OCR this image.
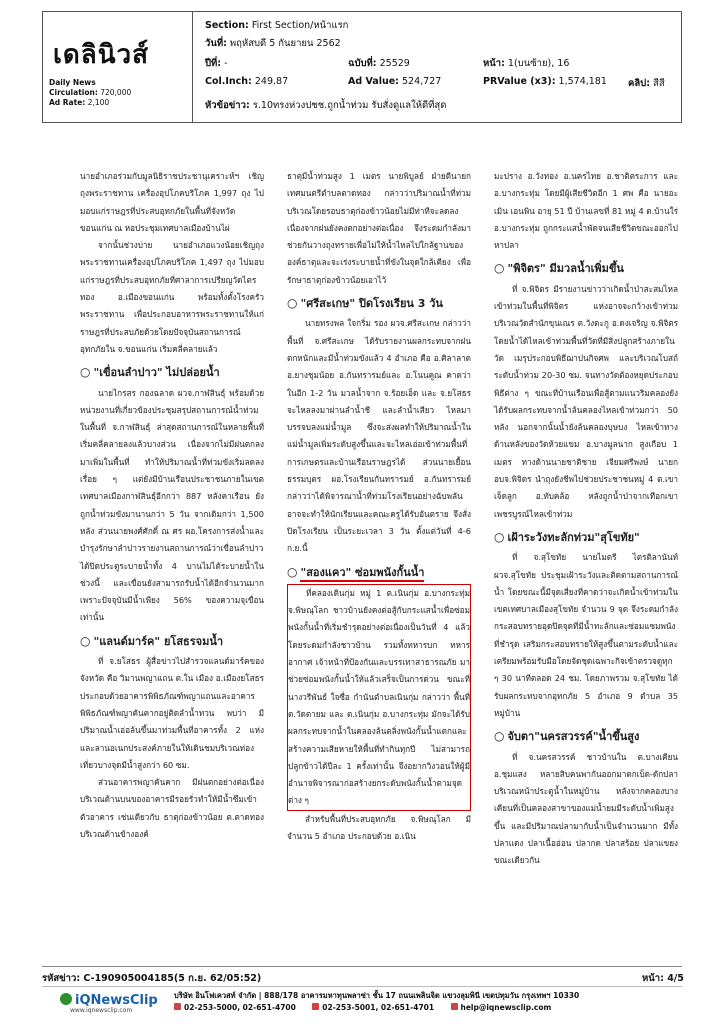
เดลินิวส์
Daily News
Circulation: 720,000
Ad Rate: 2,100
Section: First Section/หน้าแรก
วันที่: พฤหัสบดี 5 กันยายน 2562
ปีที่: -	ฉบับที่: 25529	หน้า: 1(บนซ้าย), 16
Col.Inch: 249.87	Ad Value: 524,727	PRValue (x3): 1,574,181 คลิป: สีสี
หัวข้อข่าว: ร.10ทรงห่วงปชช.ถูกน้ำท่วม รับสั่งดูแลให้ดีที่สุด

นายอำเภอร่วมกับมูลนิธิราชประชานุเคราะห์ฯ เชิญถุงพระราชทาน เครื่องอุปโภคบริโภค 1,997 ถุง ไปมอบแก่ราษฎรที่ประสบอุทกภัยในพื้นที่จังหวัดขอนแก่น ณ หอประชุมเทศบาลเมืองบ้านไผ่

จากนั้นช่วงบ่าย นายอำเภอแวงน้อยเชิญถุงพระราชทานเครื่องอุปโภคบริโภค 1,497 ถุง ไปมอบแก่ราษฎรที่ประสบอุทกภัยที่ศาลาการเปรียญวัดไตรทอง อ.เมืองขอนแก่น พร้อมทั้งตั้งโรงครัวพระราชทาน เพื่อประกอบอาหารพระราชทานให้แก่ราษฎรที่ประสบภัยด้วยโดยปัจจุบันสถานการณ์อุทกภัยใน จ.ขอนแก่น เริ่มคลี่คลายแล้ว

○ "เขื่อนลำปาว" ไม่ปล่อยน้ำ

นายไกรสร กองฉลาด ผวจ.กาฬสินธุ์ พร้อมด้วยหน่วยงานที่เกี่ยวข้องประชุมสรุปสถานการณ์น้ำท่วมในพื้นที่ จ.กาฬสินธุ์ ล่าสุดสถานการณ์ในหลายพื้นที่เริ่มคลี่คลายลงแล้วบางส่วน เนื่องจากไม่มีฝนตกลงมาเพิ่มในพื้นที่ ทำให้ปริมาณน้ำที่ท่วมขังเริ่มลดลงเรื่อย ๆ แต่ยังมีบ้านเรือนประชาชนภายในเขตเทศบาลเมืองกาฬสินธุ์อีกกว่า 887 หลังคาเรือน ยังถูกน้ำท่วมขังมานานกว่า 5 วัน จากเดิมกว่า 1,500 หลัง ส่วนนายพงศ์ศักดิ์ ณ ศร ผอ.โครงการส่งน้ำและบำรุงรักษาลำปาวรายงานสถานการณ์ว่าเขื่อนลำปาวได้ปิดประตูระบายน้ำทั้ง 4 บานไม่ได้ระบายน้ำในช่วงนี้ และเขื่อนยังสามารถรับน้ำได้อีกจำนวนมากเพราะปัจจุบันมีน้ำเพียง 56% ของความจุเขื่อนเท่านั้น

○ "แลนด์มาร์ค" ยโสธรจมน้ำ

ที่ จ.ยโสธร ผู้สื่อข่าวไปสำรวจแลนด์มาร์คของจังหวัด คือ วิมานพญาแถน ต.ใน เมือง อ.เมืองยโสธร ประกอบด้วยอาคารพิพิธภัณฑ์พญาแถนและอาคารพิพิธภัณฑ์พญาคันคากอยู่ติดลำน้ำทวน พบว่า มีปริมาณน้ำเอ่อล้นขึ้นมาท่วมพื้นที่อาคารทั้ง 2 แห่งและลานอเนกประสงค์ภายในให้เดินชมบริเวณท่องเที่ยวบางจุดมีน้ำสูงกว่า 60 ซม.

ส่วนอาคารพญาคันคาก มีฝนตกอย่างต่อเนื่องบริเวณด้านบนของอาคารมีรอยรั่วทำให้มีน้ำซึมเข้าตัวอาคาร เช่นเดียวกับ ธาตุก่องข้าวน้อย ต.ตาดทอง บริเวณด้านข้างองค์

ธาตุมีน้ำท่วมสูง 1 เมตร นายพิบูลย์ ฝ่ายดีนายกเทศมนตรีตำบลตาดทอง กล่าวว่าปริมาณน้ำที่ท่วมบริเวณโดยรอบธาตุก่องข้าวน้อยไม่มีท่าทีจะลดลง เนื่องจากฝนยังคงตกอย่างต่อเนื่อง จึงระดมกำลังมาช่วยกันวางถุงทรายเพื่อไม่ให้น้ำไหลไปใกล้ฐานขององค์ธาตุและจะเร่งระบายน้ำที่ขังในจุดใกล้เคียง เพื่อรักษาธาตุก่องข้าวน้อยเอาไว้

○ "ศรีสะเกษ" ปิดโรงเรียน 3 วัน

นายทรงพล ใจกริ่ม รอง ผวจ.ศรีสะเกษ กล่าวว่าพื้นที่ จ.ศรีสะเกษ ได้รับรายงานผลกระทบจากฝนตกหนักและมีน้ำท่วมขังแล้ว 4 อำเภอ คือ อ.ศิลาลาด อ.ยางชุมน้อย อ.กันทรารมย์และ อ.โนนคูณ คาดว่าในอีก 1-2 วัน มวลน้ำจาก จ.ร้อยเอ็ด และ จ.ยโสธร จะไหลลงมาผ่านลำน้ำชี และลำน้ำเสียว ไหลมาบรรจบลงแม่น้ำมูล ซึ่งจะส่งผลทำให้ปริมาณน้ำในแม่น้ำมูลเพิ่มระดับสูงขึ้นและจะไหลเอ่อเข้าท่วมพื้นที่การเกษตรและบ้านเรือนราษฎรได้ ส่วนนายเยื้อน ธรรมบุตร ผอ.โรงเรียนกันทรารมย์ อ.กันทรารมย์ กล่าวว่าได้พิจารณาน้ำที่ท่วมโรงเรียนอย่างฉับพลัน อาจจะทำให้นักเรียนและคณะครูได้รับอันตราย จึงสั่งปิดโรงเรียน เป็นระยะเวลา 3 วัน ตั้งแต่วันที่ 4-6 ก.ย.นี้

○ "สองแคว" ซ่อมพนังกั้นน้ำ

ที่คลองเดินกุ่ม หมู่ 1 ต.เนินกุ่ม อ.บางกระทุ่ม จ.พิษณุโลก ชาวบ้านยังคงต่อสู้กับกระแสน้ำเพื่อซ่อมพนังกั้นน้ำที่เริ่มชำรุดอย่างต่อเนื่องเป็นวันที่ 4 แล้ว โดยระดมกำลังชาวบ้าน รวมทั้งทหารบก ทหารอากาศ เจ้าหน้าที่ป้องกันและบรรเทาสาธารณภัย มาช่วยซ่อมพนังกั้นน้ำให้แล้วเสร็จเป็นการด่วน ขณะที่ นางวรีพันธ์ ใจซื่อ กำนันตำบลเนินกุ่ม กล่าวว่า พื้นที่ ต.วัดตายม และ ต.เนินกุ่ม อ.บางกระทุ่ม มักจะได้รับผลกระทบจากน้ำในคลองล้นตลิ่งพนังกั้นน้ำแตกและสร้างความเสียหายให้พื้นที่ทำกินทุกปี ไม่สามารถปลูกข้าวได้ปีละ 1 ครั้งเท่านั้น จึงอยากวิงวอนให้ผู้มีอำนาจพิจารณาก่อสร้างยกระดับพนังกั้นน้ำตามจุดต่าง ๆ

สำหรับพื้นที่ประสบอุทกภัย จ.พิษณุโลก มีจำนวน 5 อำเภอ ประกอบด้วย อ.เนิน

มะปราง อ.วังทอง อ.นครไทย อ.ชาติตระการ และ อ.บางกระทุ่ม โดยมีผู้เสียชีวิตอีก 1 ศพ คือ นายอะเมิน เอนพิน อายุ 51 ปี บ้านเลขที่ 81 หมู่ 4 ต.บ้านใร่ อ.บางกระทุ่ม ถูกกระแสน้ำพัดจนเสียชีวิตขณะออกไปหาปลา

○ "พิจิตร" มีมวลน้ำเพิ่มขึ้น

ที่ จ.พิจิตร มีรายงานข่าวว่าเกิดน้ำป่าสะสมไหลเข้าท่วมในพื้นที่พิจิตร แห่งอาจจะกว้างเข้าท่วมบริเวณวัดสำนักขุนเณร ต.วังตะกู อ.ดงเจริญ จ.พิจิตร โดยน้ำได้ไหลเข้าท่วมพื้นที่วัดที่มีสิ่งปลูกสร้างภายในวัด เมรุประกอบพิธีฌาปนกิจศพ และบริเวณโบสถ์ ระดับน้ำท่วม 20-30 ซม. จนทางวัดต้องหยุดประกอบพิธีต่าง ๆ ขณะที่บ้านเรือนเพื่อสู้ตามแนวริมคลองยังได้รับผลกระทบจากน้ำล้นคลองไหลเข้าท่วมกว่า 50 หลัง นอกจากนั้นน้ำยังล้นคลองบุษบง ไหลเข้าทางด้านหลังของวัดห้วยแขม อ.บางมูลนาก สูงเกือบ 1 เมตร ทางด้านนายชาติชาย เจียมศรีพงษ์ นายก อบจ.พิจิตร นำถุงยังชีพไปช่วยประชาชนหมู่ 4 ต.เขาเจ็ดลูก อ.ทับคล้อ หลังถูกน้ำป่าจากเทือกเขาเพชรบูรณ์ไหลเข้าท่วม

○ เฝ้าระวังทะลักท่วม"สุโขทัย"

ที่ จ.สุโขทัย นายไมตรี ไตรติลานันท์ ผวจ.สุโขทัย ประชุมเฝ้าระวังและติดตามสถานการณ์น้ำ โดยขณะนี้มีจุดเสี่ยงที่คาดว่าจะเกิดน้ำเข้าท่วมในเขตเทศบาลเมืองสุโขทัย จำนวน 9 จุด จึงระดมกำลังกระสอบทรายอุดปิดจุดที่มีน้ำทะลักและซ่อมแซมพนังที่ชำรุด เสริมกระสอบทรายให้สูงขึ้นตามระดับน้ำและเตรียมพร้อมรับมือโดยจัดชุดเฉพาะกิจเข้าตรวจดูทุก ๆ 30 นาทีตลอด 24 ชม. โดยภาพรวม จ.สุโขทัย ได้รับผลกระทบจากอุทกภัย 5 อำเภอ 9 ตำบล 35 หมู่บ้าน

○ จับตา"นครสวรรค์"น้ำขึ้นสูง

ที่ จ.นครสวรรค์ ชาวบ้านใน ต.บางเคียน อ.ชุมแสง หลายสิบคนพากันออกมาตกเบ็ด-ดักปลาบริเวณหน้าประตูน้ำในหมู่บ้าน หลังจากคลองบางเคียนที่เป็นคลองสาขาของแม่น้ำยมมีระดับน้ำเพิ่มสูงขึ้น และมีปริมาณปลามากับน้ำเป็นจำนวนมาก มีทั้งปลาแดง ปลาเนื้ออ่อน ปลากด ปลาสร้อย ปลาแขยง ขณะเดียวกัน

รหัสข่าว: C-190905004185(5 ก.ย. 62/05:52)	หน้า: 4/5
iQNewsClip
www.iqnewsclip.com
บริษัท อินโฟเควสท์ จำกัด | 888/178 อาคารมหาทุนพลาซ่า ชั้น 17 ถนนเพลินจิต แขวงลุมพินี เขตปทุมวัน กรุงเทพฯ 10330
02-253-5000, 02-651-4700	02-253-5001, 02-651-4701	help@iqnewsclip.com
